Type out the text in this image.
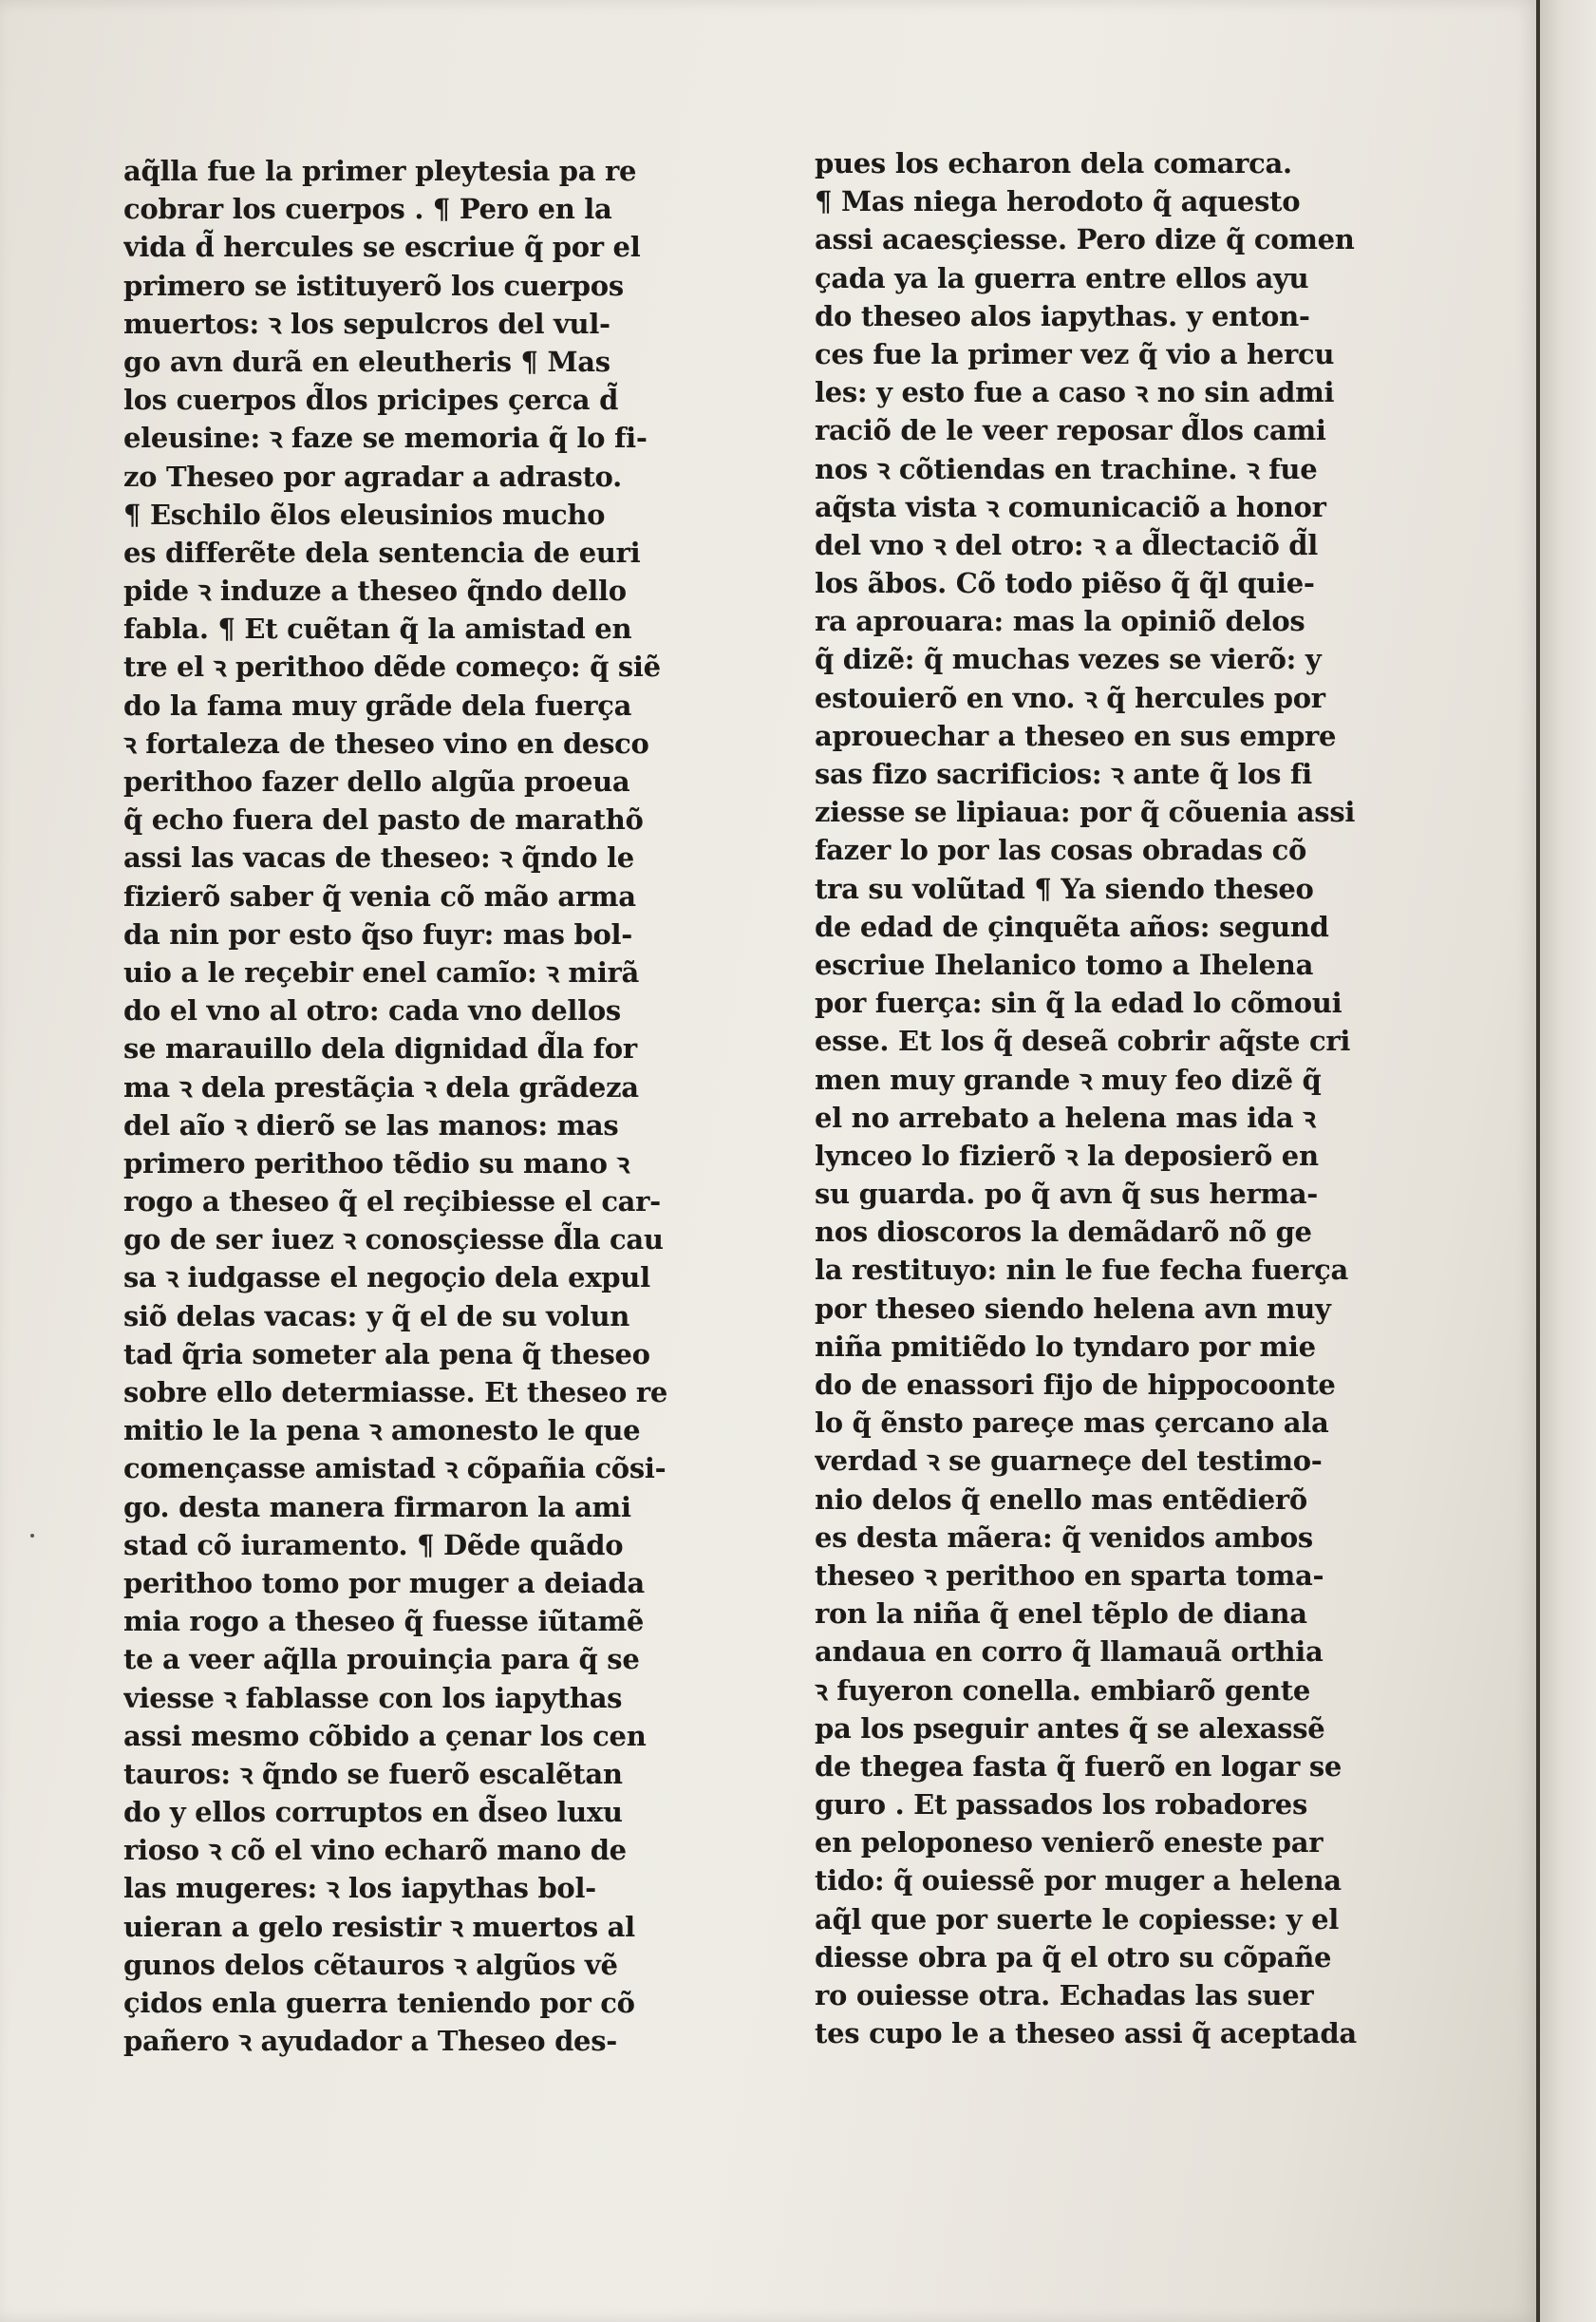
aq̃lla fue la primer pleytesia pa re
cobrar los cuerpos . ¶ Pero en la
vida d̃ hercules se escriue q̃ por el
primero se istituyerõ los cuerpos
muertos: ꝛ los sepulcros del vul-
go avn durã en eleutheris ¶ Mas
los cuerpos d̃los pricipes çerca d̃
eleusine: ꝛ faze se memoria q̃ lo fi-
zo Theseo por agradar a adrasto.
¶ Eschilo ẽlos eleusinios mucho
es differẽte dela sentencia de euri
pide ꝛ induze a theseo q̃ndo dello
fabla. ¶ Et cuẽtan q̃ la amistad en
tre el ꝛ perithoo dẽde começo: q̃ siẽ
do la fama muy grãde dela fuerça
ꝛ fortaleza de theseo vino en desco
perithoo fazer dello algũa proeua
q̃ echo fuera del pasto de marathõ
assi las vacas de theseo: ꝛ q̃ndo le
fizierõ saber q̃ venia cõ mão arma
da nin por esto q̃so fuyr: mas bol-
uio a le reçebir enel camĩo: ꝛ mirã
do el vno al otro: cada vno dellos
se marauillo dela dignidad d̃la for
ma ꝛ dela prestãçia ꝛ dela grãdeza
del aĩo ꝛ dierõ se las manos: mas
primero perithoo tẽdio su mano ꝛ
rogo a theseo q̃ el reçibiesse el car-
go de ser iuez ꝛ conosçiesse d̃la cau
sa ꝛ iudgasse el negoçio dela expul
siõ delas vacas: y q̃ el de su volun
tad q̃ria someter ala pena q̃ theseo
sobre ello determiasse. Et theseo re
mitio le la pena ꝛ amonesto le que
començasse amistad ꝛ cõpañia cõsi-
go. desta manera firmaron la ami
stad cõ iuramento. ¶ Dẽde quãdo
perithoo tomo por muger a deiada
mia rogo a theseo q̃ fuesse iũtamẽ
te a veer aq̃lla prouinçia para q̃ se
viesse ꝛ fablasse con los iapythas
assi mesmo cõbido a çenar los cen
tauros: ꝛ q̃ndo se fuerõ escalẽtan
do y ellos corruptos en d̃seo luxu
rioso ꝛ cõ el vino echarõ mano de
las mugeres: ꝛ los iapythas bol-
uieran a gelo resistir ꝛ muertos al
gunos delos cẽtauros ꝛ algũos vẽ
çidos enla guerra teniendo por cõ
pañero ꝛ ayudador a Theseo des-
pues los echaron dela comarca.
¶ Mas niega herodoto q̃ aquesto
assi acaesçiesse. Pero dize q̃ comen
çada ya la guerra entre ellos ayu
do theseo alos iapythas. y enton-
ces fue la primer vez q̃ vio a hercu
les: y esto fue a caso ꝛ no sin admi
raciõ de le veer reposar d̃los cami
nos ꝛ cõtiendas en trachine. ꝛ fue
aq̃sta vista ꝛ comunicaciõ a honor
del vno ꝛ del otro: ꝛ a d̃lectaciõ d̃l
los ãbos. Cõ todo piẽso q̃ q̃l quie-
ra aprouara: mas la opiniõ delos
q̃ dizẽ: q̃ muchas vezes se vierõ: y
estouierõ en vno. ꝛ q̃ hercules por
aprouechar a theseo en sus empre
sas fizo sacrificios: ꝛ ante q̃ los fi
ziesse se lipiaua: por q̃ cõuenia assi
fazer lo por las cosas obradas cõ
tra su volũtad ¶ Ya siendo theseo
de edad de çinquẽta años: segund
escriue Ihelanico tomo a Ihelena
por fuerça: sin q̃ la edad lo cõmoui
esse. Et los q̃ deseã cobrir aq̃ste cri
men muy grande ꝛ muy feo dizẽ q̃
el no arrebato a helena mas ida ꝛ
lynceo lo fizierõ ꝛ la deposierõ en
su guarda. po q̃ avn q̃ sus herma-
nos dioscoros la demãdarõ nõ ge
la restituyo: nin le fue fecha fuerça
por theseo siendo helena avn muy
niña pmitiẽdo lo tyndaro por mie
do de enassori fijo de hippocoonte
lo q̃ ẽnsto pareçe mas çercano ala
verdad ꝛ se guarneçe del testimo-
nio delos q̃ enello mas entẽdierõ
es desta mãera: q̃ venidos ambos
theseo ꝛ perithoo en sparta toma-
ron la niña q̃ enel tẽplo de diana
andaua en corro q̃ llamauã orthia
ꝛ fuyeron conella. embiarõ gente
pa los pseguir antes q̃ se alexassẽ
de thegea fasta q̃ fuerõ en logar se
guro . Et passados los robadores
en peloponeso venierõ eneste par
tido: q̃ ouiessẽ por muger a helena
aq̃l que por suerte le copiesse: y el
diesse obra pa q̃ el otro su cõpañe
ro ouiesse otra. Echadas las suer
tes cupo le a theseo assi q̃ aceptada
